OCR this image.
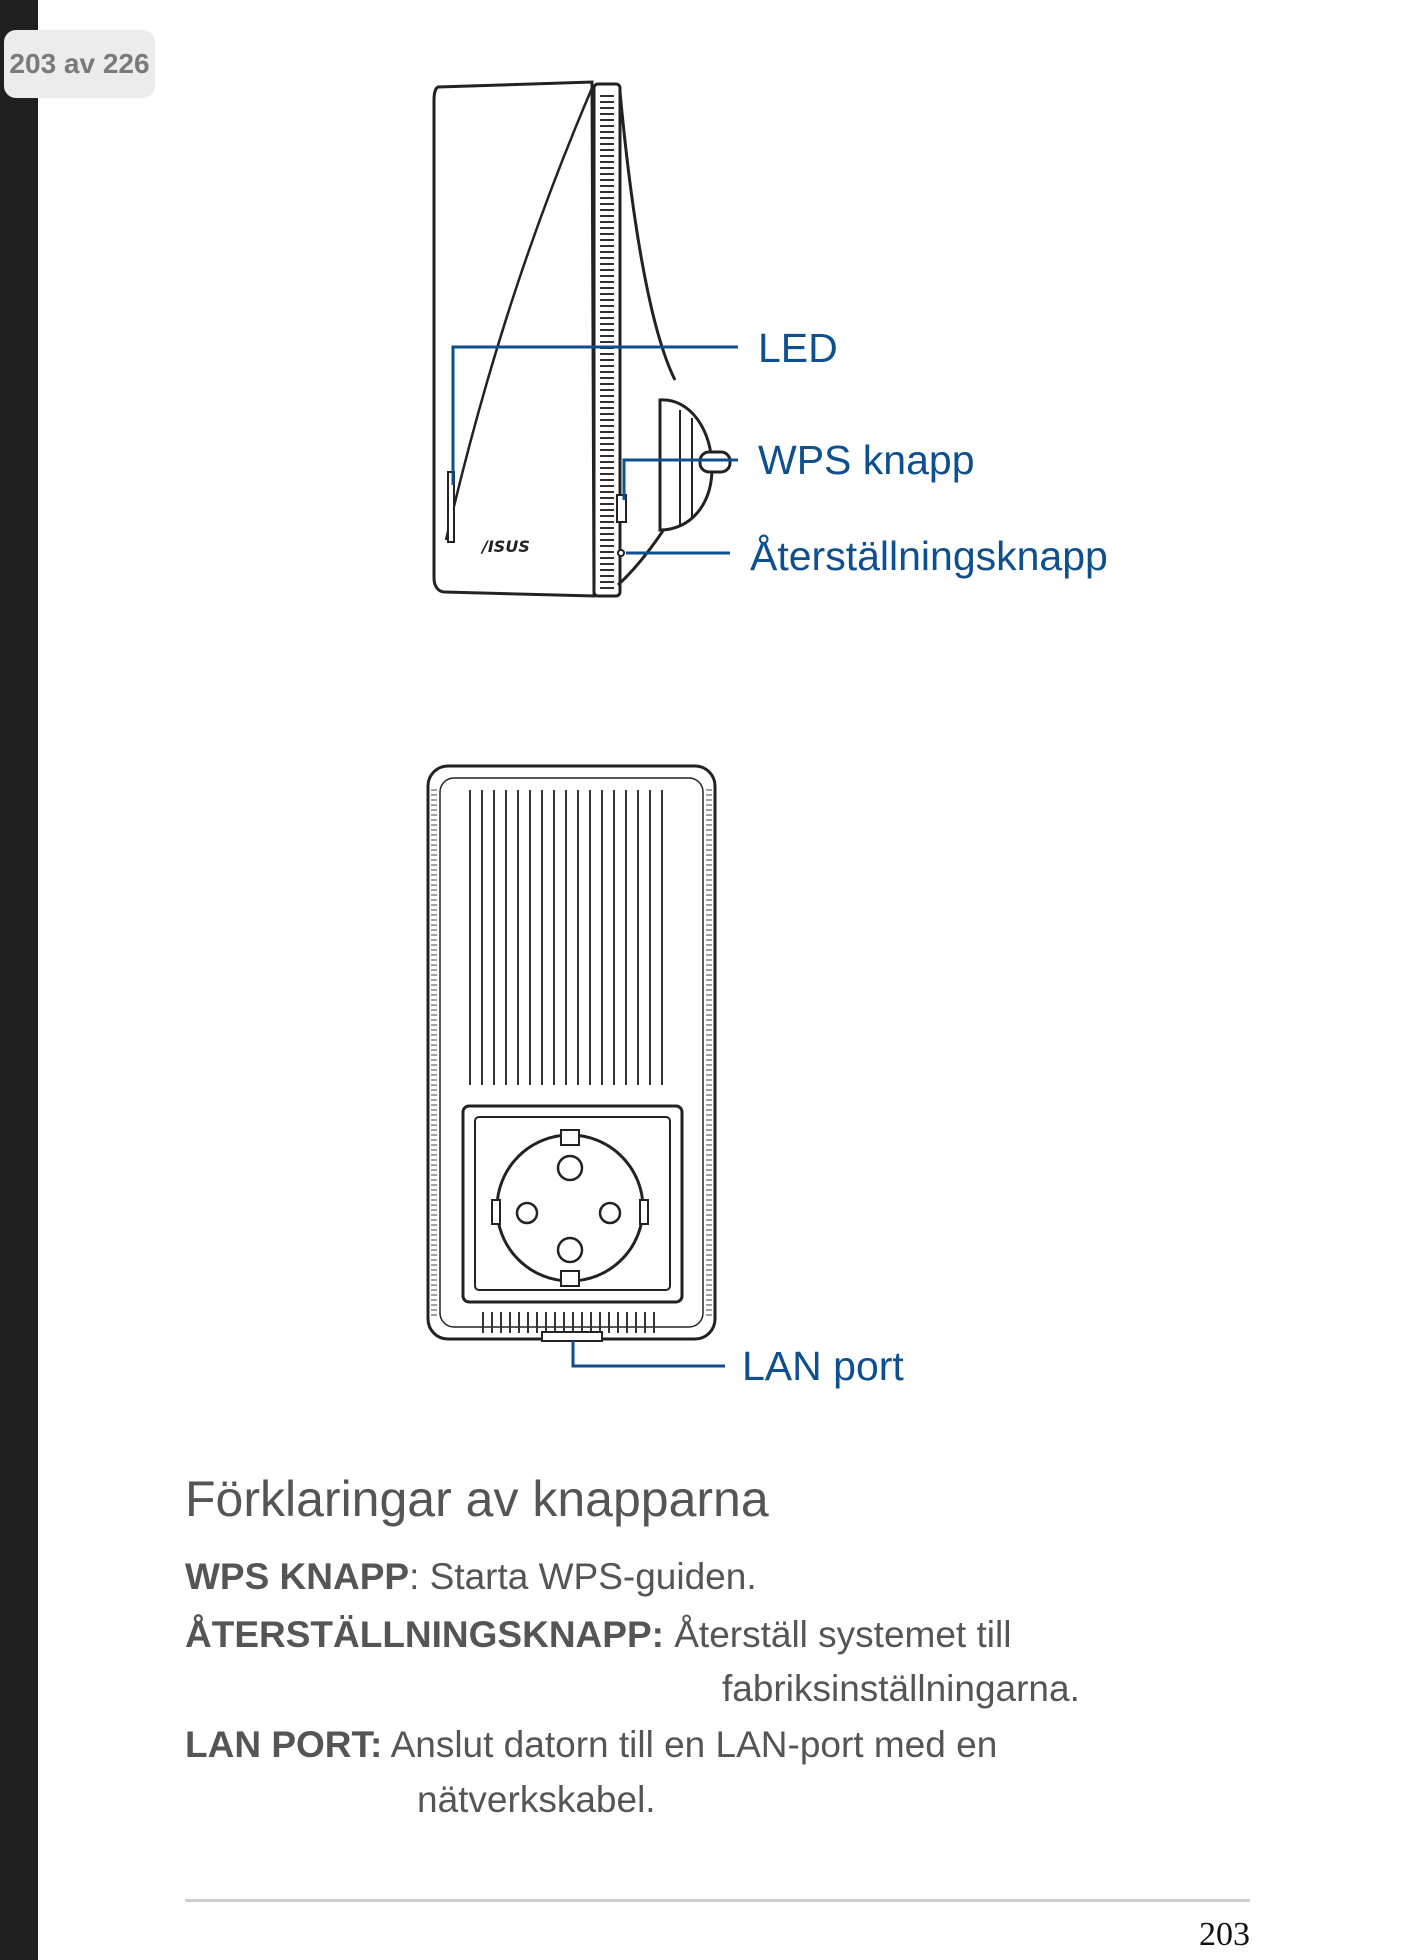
203 av 226
/ISUS
LED
WPS knapp
Återställningsknapp
LAN port
Förklaringar av knapparna
WPS KNAPP: Starta WPS-guiden.
ÅTERSTÄLLNINGSKNAPP: Återställ systemet till
fabriksinställningarna.
LAN PORT: Anslut datorn till en LAN-port med en
nätverkskabel.
203
